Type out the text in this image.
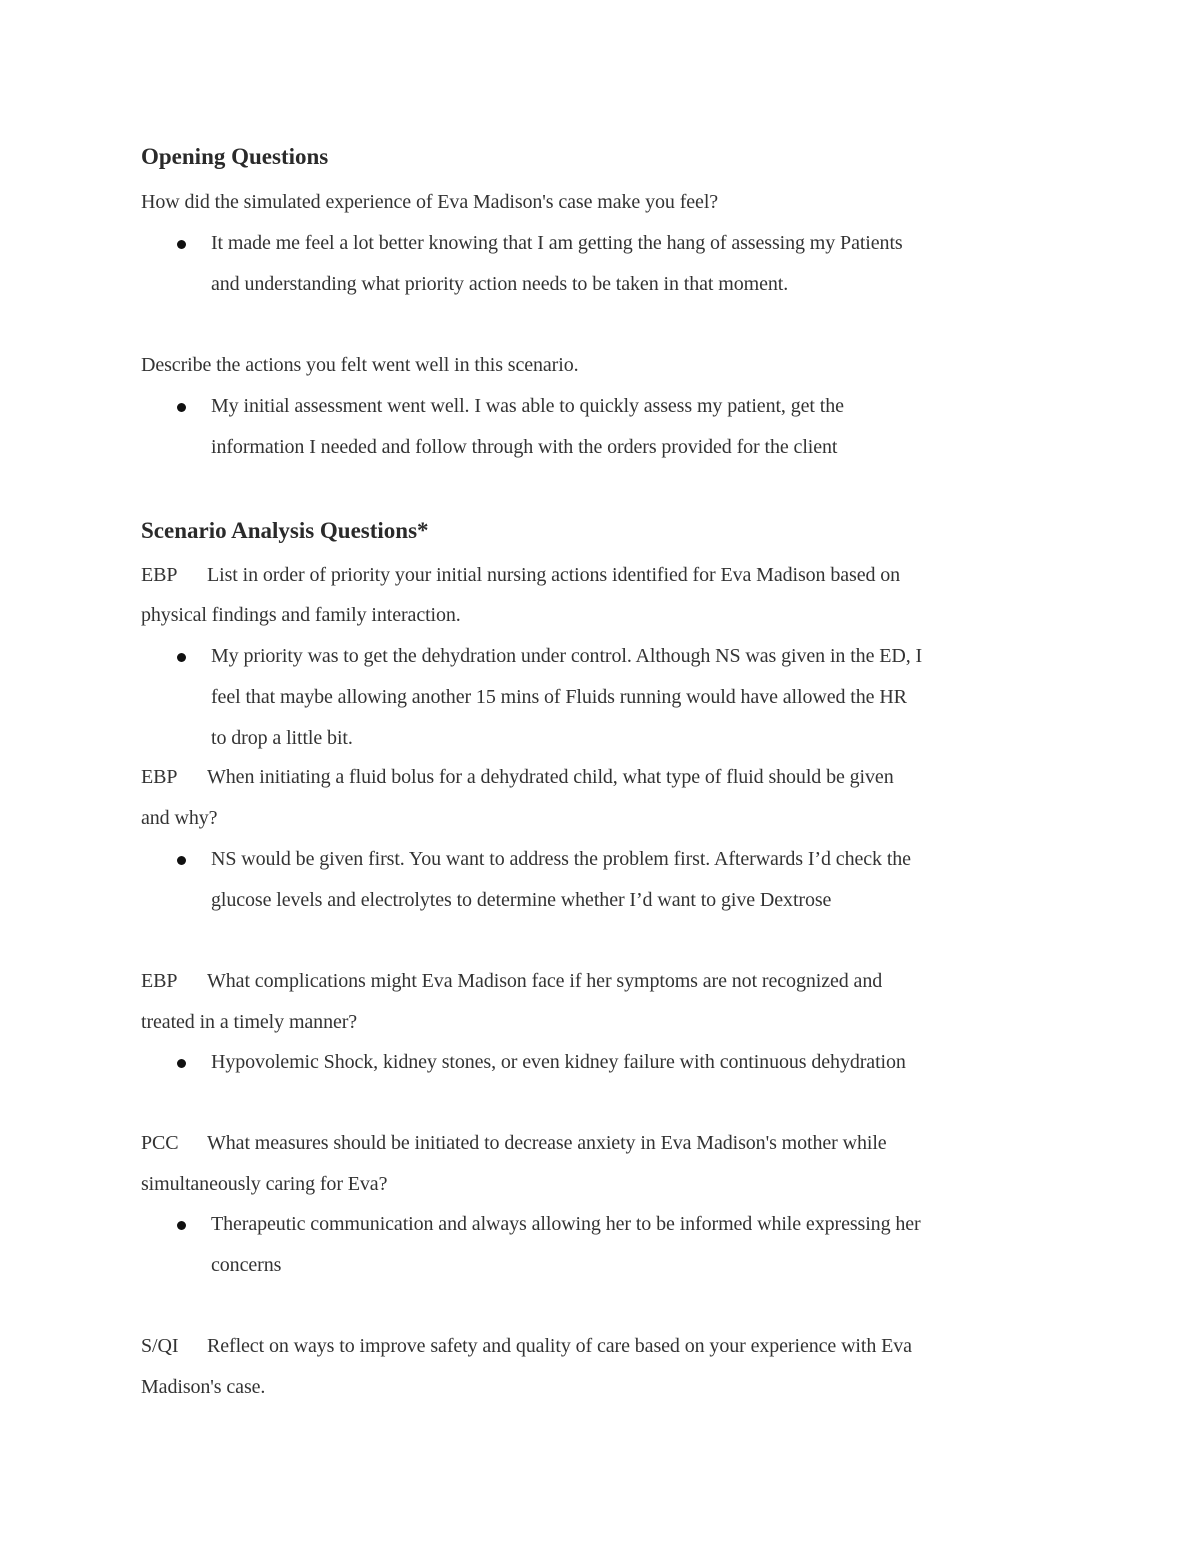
Opening Questions
How did the simulated experience of Eva Madison's case make you feel?
It made me feel a lot better knowing that I am getting the hang of assessing my Patients
and understanding what priority action needs to be taken in that moment.
Describe the actions you felt went well in this scenario.
My initial assessment went well. I was able to quickly assess my patient, get the
information I needed and follow through with the orders provided for the client
Scenario Analysis Questions*
EBP List in order of priority your initial nursing actions identified for Eva Madison based on
physical findings and family interaction.
My priority was to get the dehydration under control. Although NS was given in the ED, I
feel that maybe allowing another 15 mins of Fluids running would have allowed the HR
to drop a little bit.
EBP When initiating a fluid bolus for a dehydrated child, what type of fluid should be given
and why?
NS would be given first. You want to address the problem first. Afterwards I’d check the
glucose levels and electrolytes to determine whether I’d want to give Dextrose
EBP What complications might Eva Madison face if her symptoms are not recognized and
treated in a timely manner?
Hypovolemic Shock, kidney stones, or even kidney failure with continuous dehydration
PCC What measures should be initiated to decrease anxiety in Eva Madison's mother while
simultaneously caring for Eva?
Therapeutic communication and always allowing her to be informed while expressing her
concerns
S/QI Reflect on ways to improve safety and quality of care based on your experience with Eva
Madison's case.
